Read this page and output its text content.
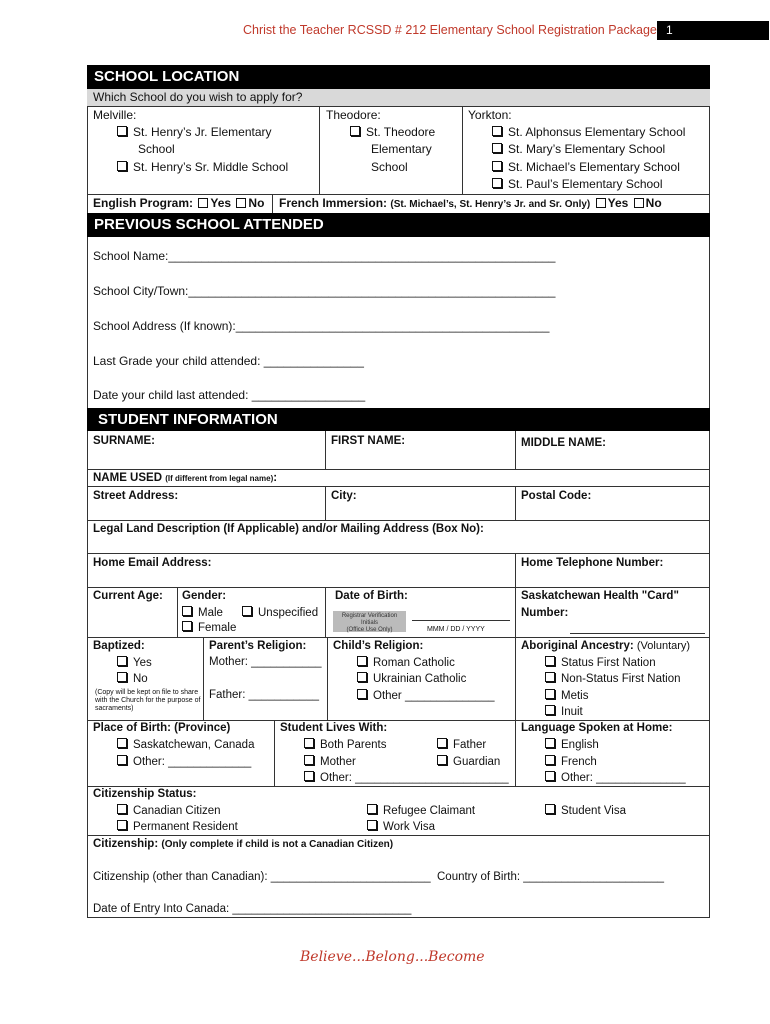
Christ the Teacher RCSSD # 212 Elementary School Registration Package 1
SCHOOL LOCATION
Which School do you wish to apply for?
Melville:
St. Henry’s Jr. Elementary
School
St. Henry’s Sr. Middle School
Theodore:
St. Theodore
Elementary
School
Yorkton:
St. Alphonsus Elementary School
St. Mary’s Elementary School
St. Michael’s Elementary School
St. Paul’s Elementary School
English Program: Yes No French Immersion: (St. Michael’s, St. Henry’s Jr. and Sr. Only) Yes No
PREVIOUS SCHOOL ATTENDED
School Name:__________________________________________________________
School City/Town:_______________________________________________________
School Address (If known):_______________________________________________
Last Grade your child attended: _______________
Date your child last attended: _________________
STUDENT INFORMATION
SURNAME:	FIRST NAME:	MIDDLE NAME:
NAME USED (If different from legal name):
Street Address:	City:	Postal Code:
Legal Land Description (If Applicable) and/or Mailing Address (Box No):
Home Email Address:	Home Telephone Number:
Current Age: Gender:
Male	Unspecified
Female
Date of Birth:
Registrar Verification Initials
(Office Use Only)	MMM / DD / YYYY
Saskatchewan Health "Card"
Number:
Baptized:
Yes
No
(Copy will be kept on file to share
with the Church for the purpose of
sacraments)
Parent’s Religion:
Mother: ___________
Father: ___________
Child’s Religion:
Roman Catholic
Ukrainian Catholic
Other ______________
Aboriginal Ancestry: (Voluntary)
Status First Nation
Non-Status First Nation
Metis
Inuit
Place of Birth: (Province)
Saskatchewan, Canada
Other: _____________
Student Lives With:
Both Parents	Father
Mother	Guardian
Other: ________________________
Language Spoken at Home:
English
French
Other: ______________
Citizenship Status:
Canadian Citizen
Permanent Resident
Refugee Claimant
Work Visa
Student Visa
Citizenship: (Only complete if child is not a Canadian Citizen)
Citizenship (other than Canadian): _________________________ Country of Birth: ______________________
Date of Entry Into Canada: ____________________________
Believe...Belong...Become
